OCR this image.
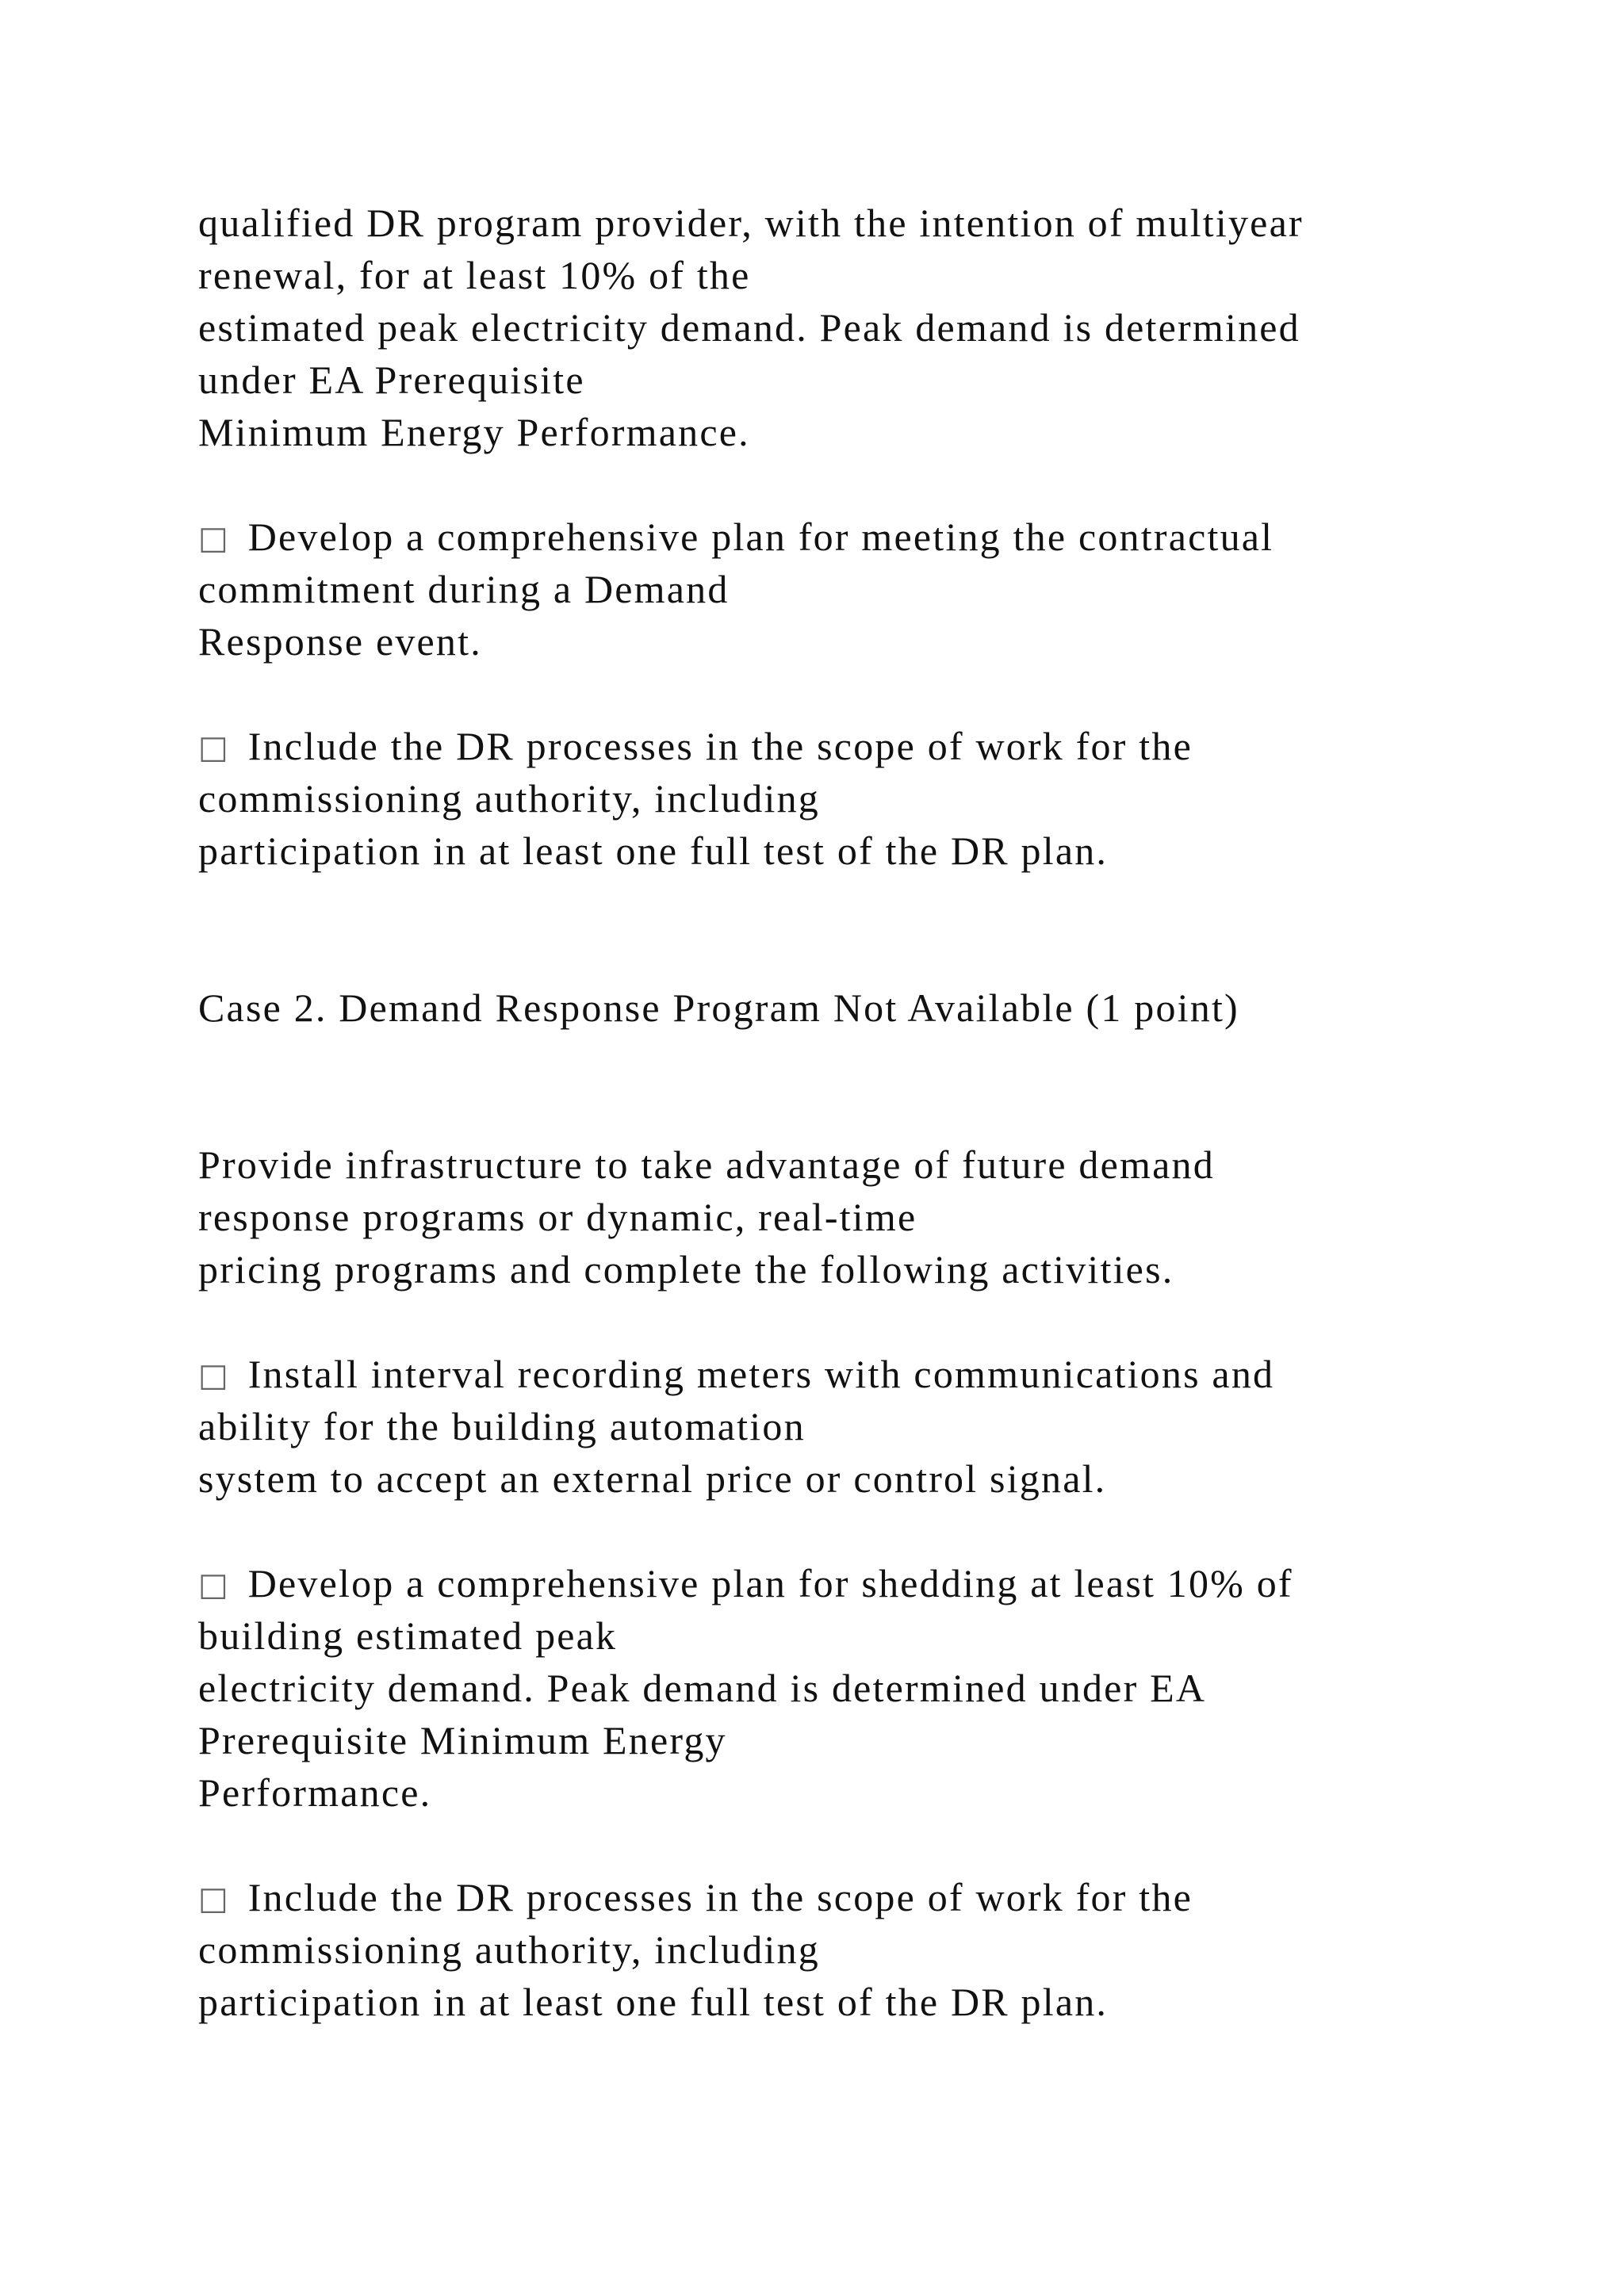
qualified DR program provider, with the intention of multiyear
renewal, for at least 10% of the
estimated peak electricity demand. Peak demand is determined
under EA Prerequisite
Minimum Energy Performance.
□ Develop a comprehensive plan for meeting the contractual
commitment during a Demand
Response event.
□ Include the DR processes in the scope of work for the
commissioning authority, including
participation in at least one full test of the DR plan.
Case 2. Demand Response Program Not Available (1 point)
Provide infrastructure to take advantage of future demand
response programs or dynamic, real-time
pricing programs and complete the following activities.
□ Install interval recording meters with communications and
ability for the building automation
system to accept an external price or control signal.
□ Develop a comprehensive plan for shedding at least 10% of
building estimated peak
electricity demand. Peak demand is determined under EA
Prerequisite Minimum Energy
Performance.
□ Include the DR processes in the scope of work for the
commissioning authority, including
participation in at least one full test of the DR plan.
